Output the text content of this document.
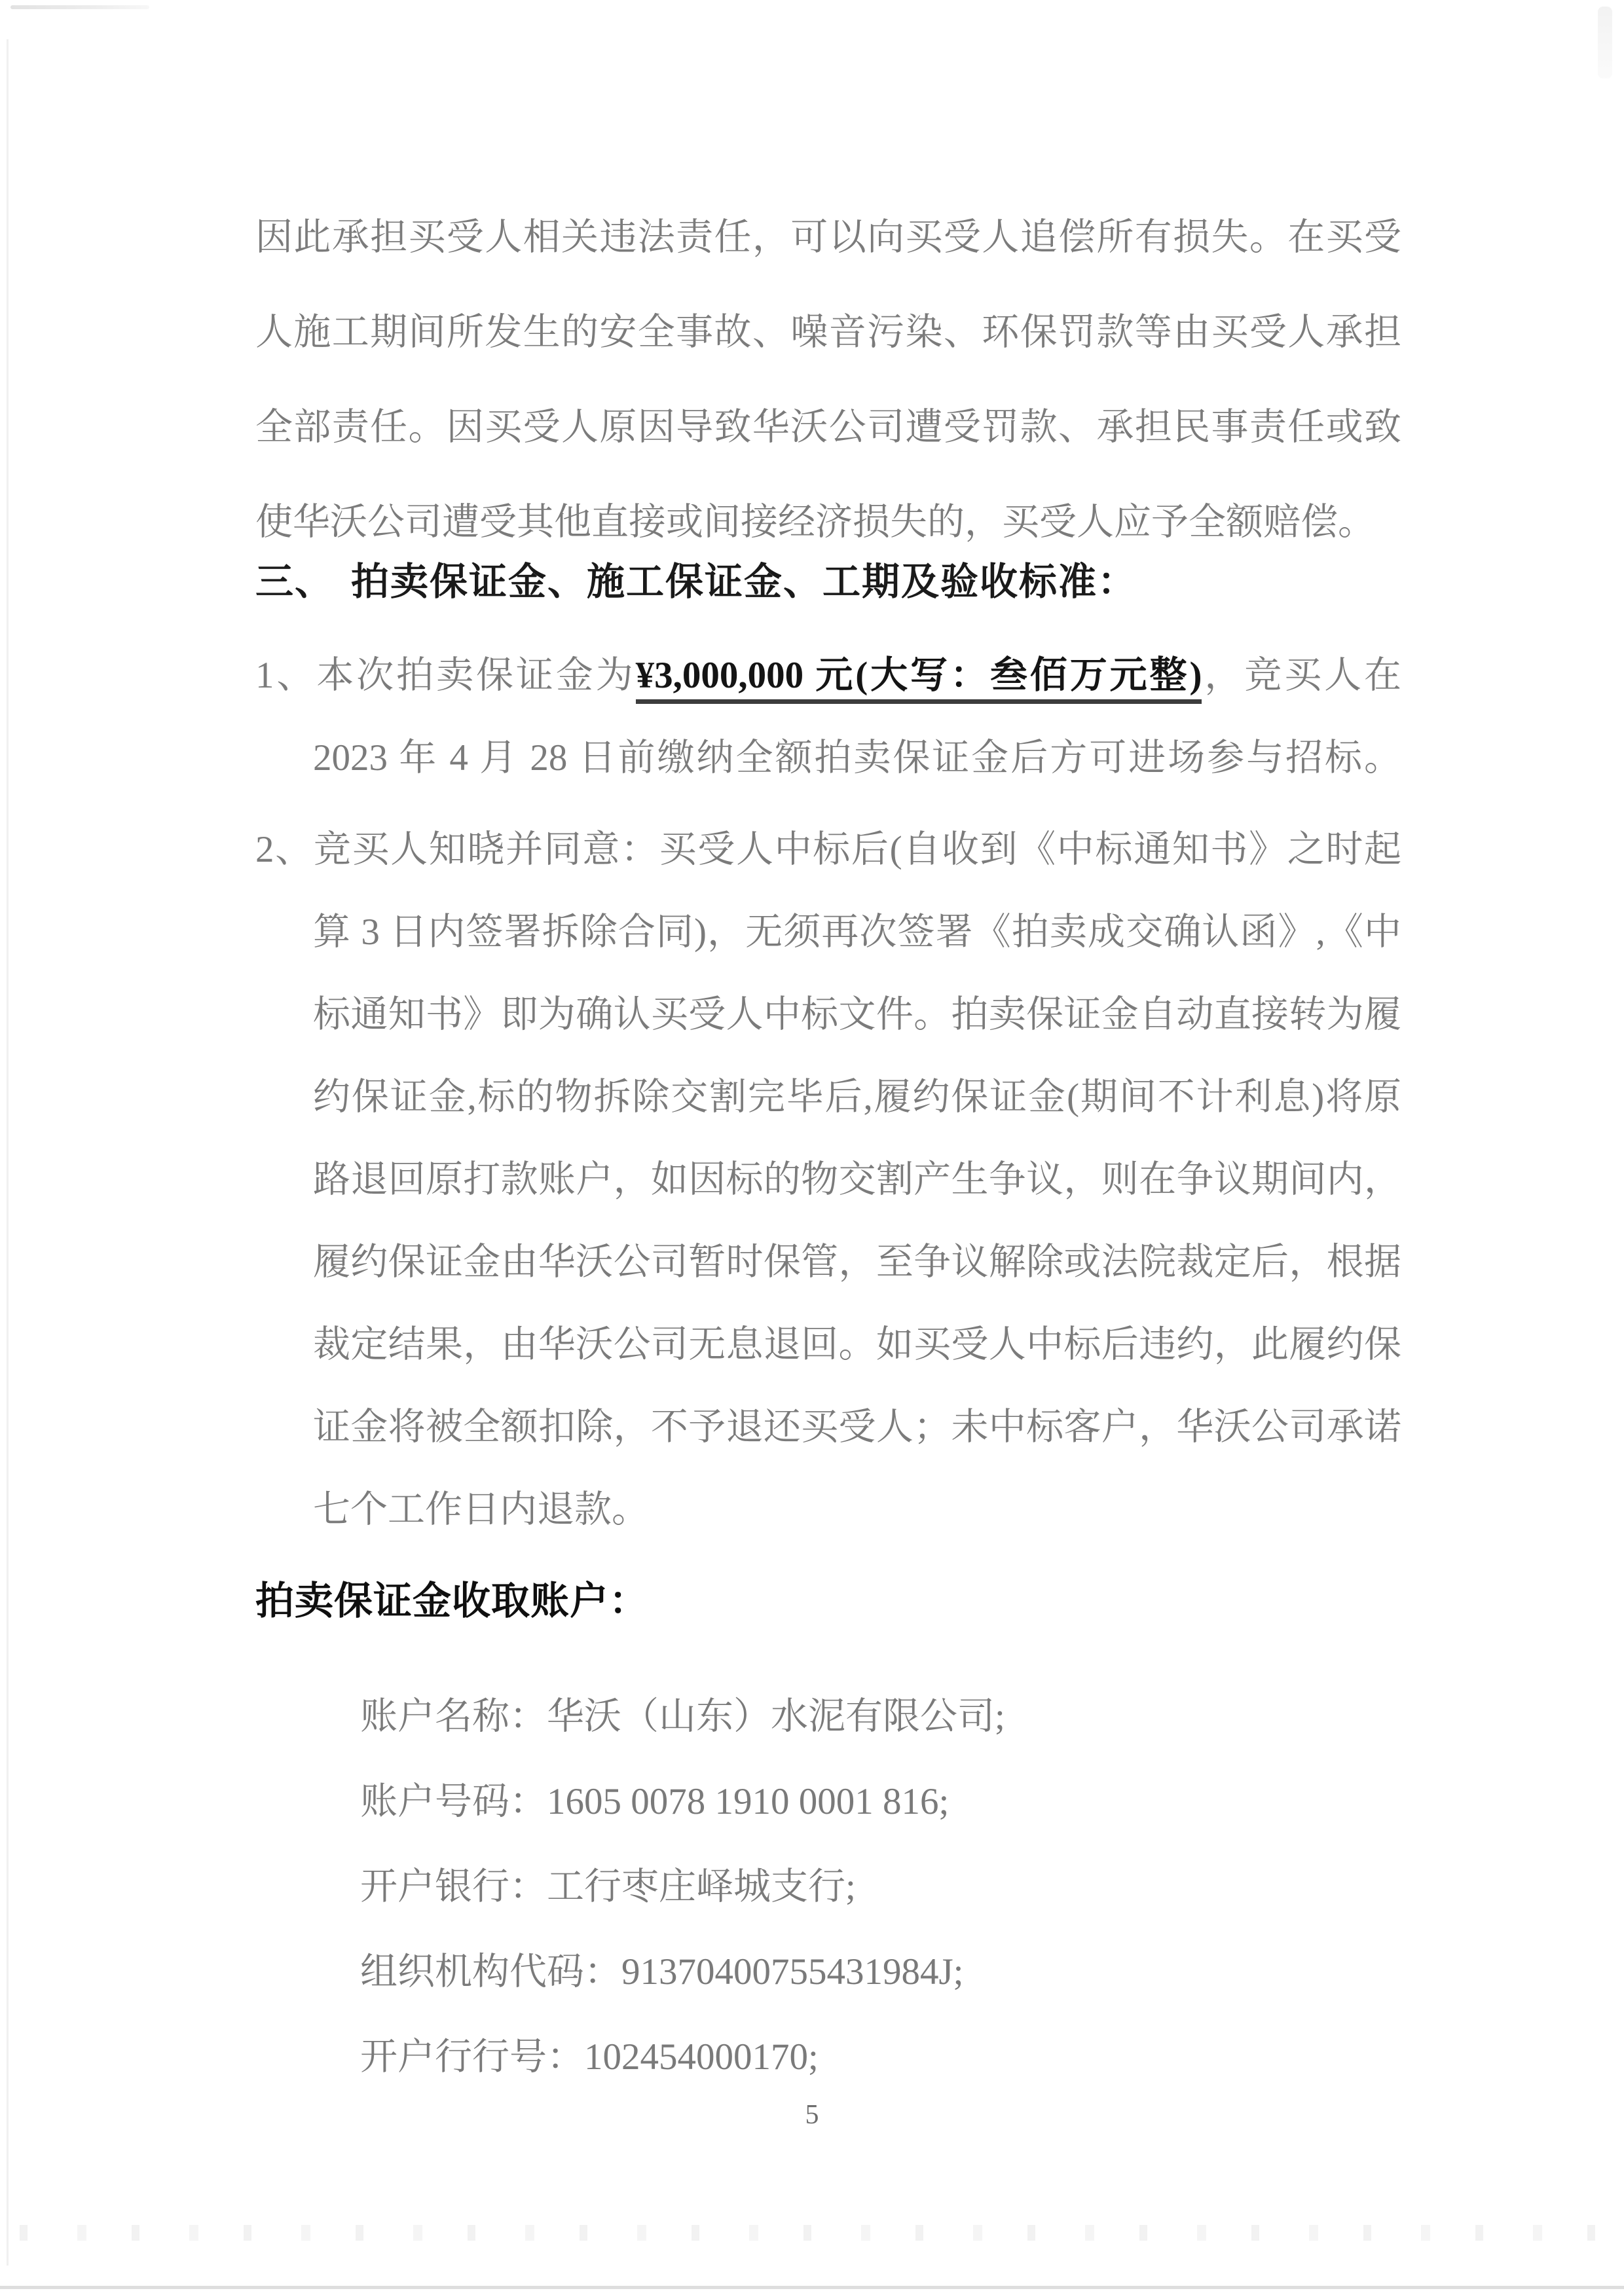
因此承担买受人相关违法责任，可以向买受人追偿所有损失。在买受人施工期间所发生的安全事故、噪音污染、环保罚款等由买受人承担全部责任。因买受人原因导致华沃公司遭受罚款、承担民事责任或致使华沃公司遭受其他直接或间接经济损失的，买受人应予全额赔偿。

三、 拍卖保证金、施工保证金、工期及验收标准：

1、本次拍卖保证金为¥3,000,000 元(大写：叁佰万元整)，竞买人在 2023 年 4 月 28 日前缴纳全额拍卖保证金后方可进场参与招标。

2、竞买人知晓并同意：买受人中标后(自收到《中标通知书》之时起算 3 日内签署拆除合同)，无须再次签署《拍卖成交确认函》,《中标通知书》即为确认买受人中标文件。拍卖保证金自动直接转为履约保证金,标的物拆除交割完毕后,履约保证金(期间不计利息)将原路退回原打款账户，如因标的物交割产生争议，则在争议期间内，履约保证金由华沃公司暂时保管，至争议解除或法院裁定后，根据裁定结果，由华沃公司无息退回。如买受人中标后违约，此履约保证金将被全额扣除，不予退还买受人；未中标客户，华沃公司承诺七个工作日内退款。

拍卖保证金收取账户：
账户名称：华沃（山东）水泥有限公司;
账户号码：1605 0078 1910 0001 816;
开户银行：工行枣庄峄城支行;
组织机构代码：91370400755431984J;
开户行行号：102454000170;
5
